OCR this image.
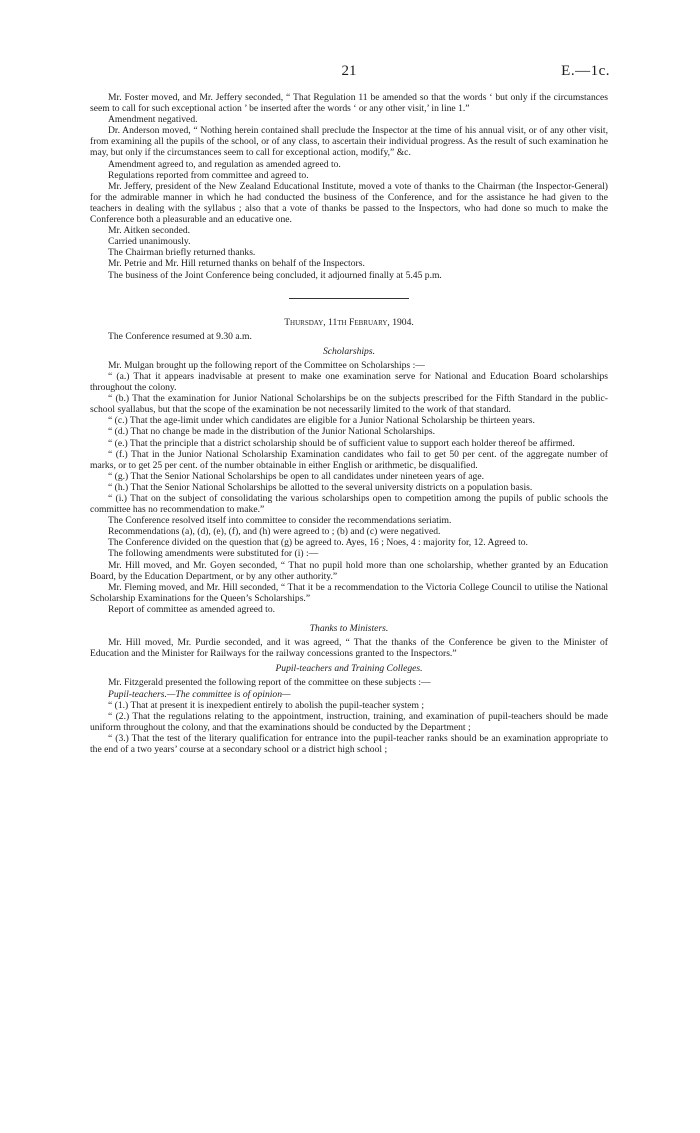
21	E.—1c.

Mr. Foster moved, and Mr. Jeffery seconded, “ That Regulation 11 be amended so that the words ‘ but only if the circumstances seem to call for such exceptional action ’ be inserted after the words ‘ or any other visit,’ in line 1.”

Amendment negatived.

Dr. Anderson moved, “ Nothing herein contained shall preclude the Inspector at the time of his annual visit, or of any other visit, from examining all the pupils of the school, or of any class, to ascertain their individual progress. As the result of such examination he may, but only if the circumstances seem to call for exceptional action, modify,” &c.

Amendment agreed to, and regulation as amended agreed to.

Regulations reported from committee and agreed to.

Mr. Jeffery, president of the New Zealand Educational Institute, moved a vote of thanks to the Chairman (the Inspector-General) for the admirable manner in which he had conducted the business of the Conference, and for the assistance he had given to the teachers in dealing with the syllabus ; also that a vote of thanks be passed to the Inspectors, who had done so much to make the Conference both a pleasurable and an educative one.

Mr. Aitken seconded.

Carried unanimously.

The Chairman briefly returned thanks.

Mr. Petrie and Mr. Hill returned thanks on behalf of the Inspectors.

The business of the Joint Conference being concluded, it adjourned finally at 5.45 p.m.

Thursday, 11th February, 1904.

The Conference resumed at 9.30 a.m.

Scholarships.

Mr. Mulgan brought up the following report of the Committee on Scholarships :—

“ (a.) That it appears inadvisable at present to make one examination serve for National and Education Board scholarships throughout the colony.

“ (b.) That the examination for Junior National Scholarships be on the subjects prescribed for the Fifth Standard in the public-school syallabus, but that the scope of the examination be not necessarily limited to the work of that standard.

“ (c.) That the age-limit under which candidates are eligible for a Junior National Scholarship be thirteen years.

“ (d.) That no change be made in the distribution of the Junior National Scholarships.

“ (e.) That the principle that a district scholarship should be of sufficient value to support each holder thereof be affirmed.

“ (f.) That in the Junior National Scholarship Examination candidates who fail to get 50 per cent. of the aggregate number of marks, or to get 25 per cent. of the number obtainable in either English or arithmetic, be disqualified.

“ (g.) That the Senior National Scholarships be open to all candidates under nineteen years of age.

“ (h.) That the Senior National Scholarships be allotted to the several university districts on a population basis.

“ (i.) That on the subject of consolidating the various scholarships open to competition among the pupils of public schools the committee has no recommendation to make.”

The Conference resolved itself into committee to consider the recommendations seriatim.

Recommendations (a), (d), (e), (f), and (h) were agreed to ; (b) and (c) were negatived.

The Conference divided on the question that (g) be agreed to. Ayes, 16 ; Noes, 4 : majority for, 12. Agreed to.

The following amendments were substituted for (i) :—

Mr. Hill moved, and Mr. Goyen seconded, “ That no pupil hold more than one scholarship, whether granted by an Education Board, by the Education Department, or by any other authority.”

Mr. Fleming moved, and Mr. Hill seconded, “ That it be a recommendation to the Victoria College Council to utilise the National Scholarship Examinations for the Queen’s Scholarships.”

Report of committee as amended agreed to.

Thanks to Ministers.

Mr. Hill moved, Mr. Purdie seconded, and it was agreed, “ That the thanks of the Conference be given to the Minister of Education and the Minister for Railways for the railway concessions granted to the Inspectors.”

Pupil-teachers and Training Colleges.

Mr. Fitzgerald presented the following report of the committee on these subjects :—

Pupil-teachers.—The committee is of opinion—

“ (1.) That at present it is inexpedient entirely to abolish the pupil-teacher system ;

“ (2.) That the regulations relating to the appointment, instruction, training, and examination of pupil-teachers should be made uniform throughout the colony, and that the examinations should be conducted by the Department ;

“ (3.) That the test of the literary qualification for entrance into the pupil-teacher ranks should be an examination appropriate to the end of a two years’ course at a secondary school or a district high school ;
